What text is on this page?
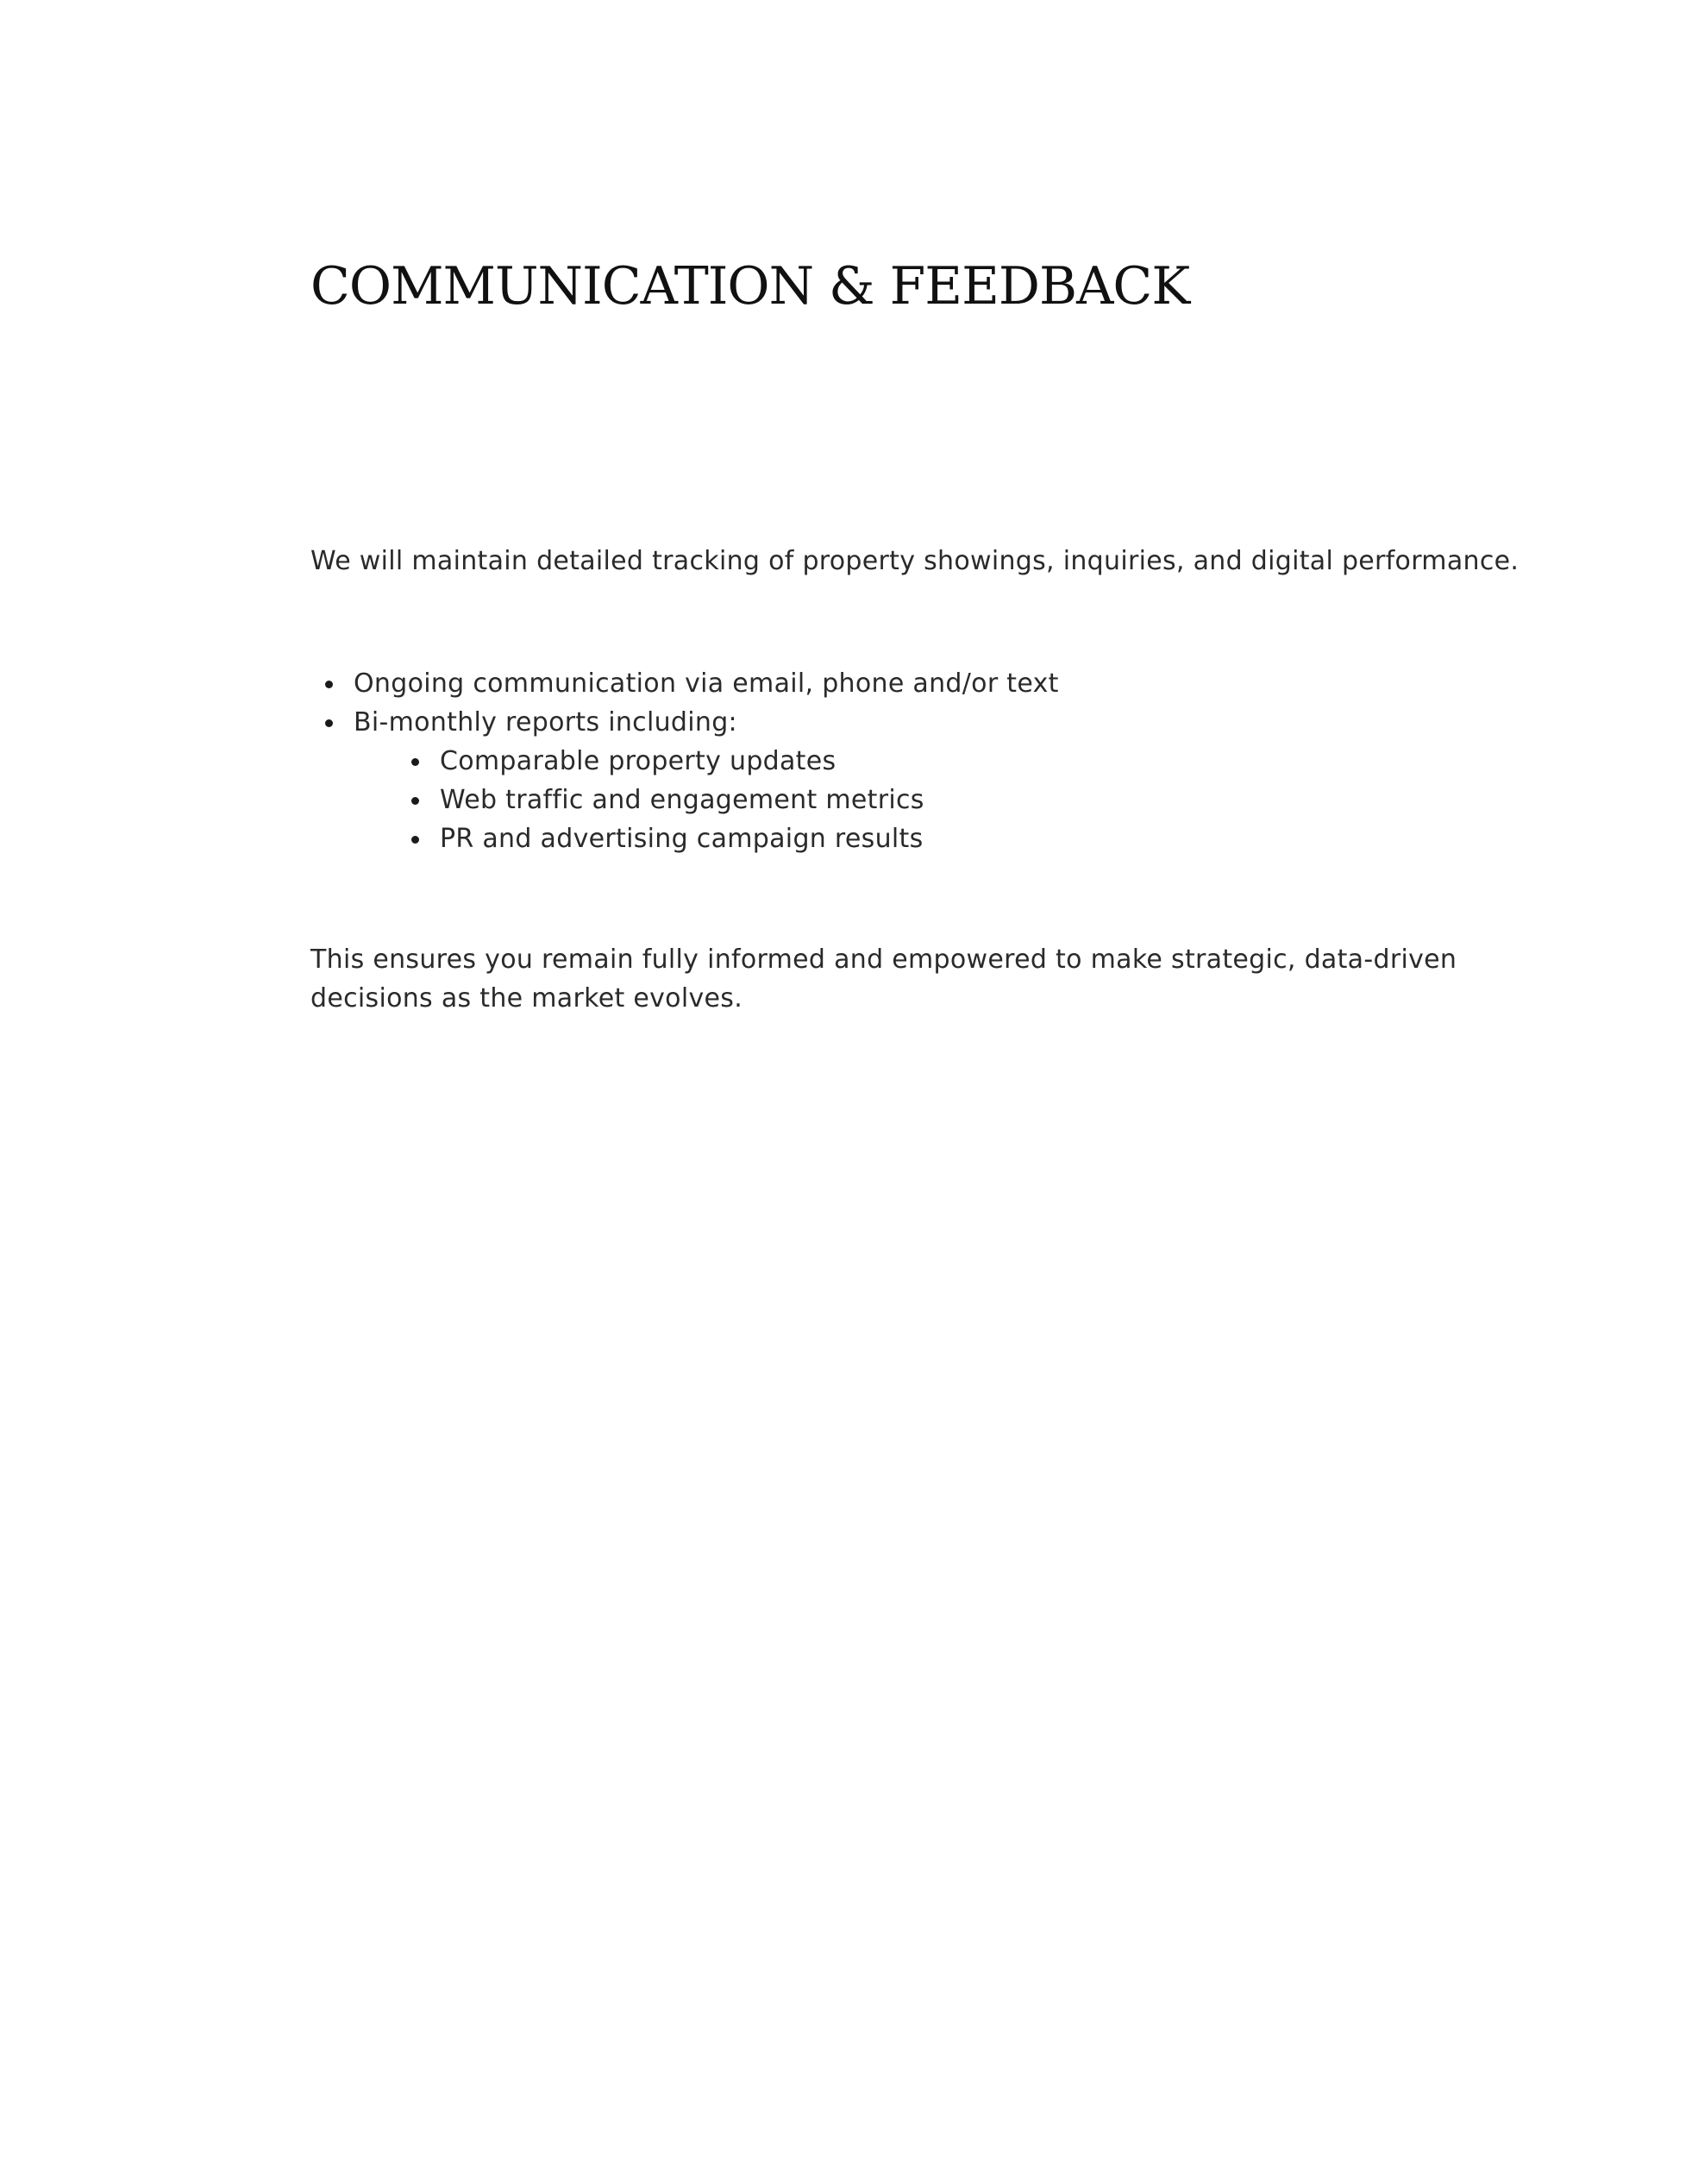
COMMUNICATION & FEEDBACK

We will maintain detailed tracking of property showings, inquiries, and digital performance.

Ongoing communication via email, phone and/or text
Bi-monthly reports including:
Comparable property updates
Web traffic and engagement metrics
PR and advertising campaign results

This ensures you remain fully informed and empowered to make strategic, data-driven
decisions as the market evolves.
